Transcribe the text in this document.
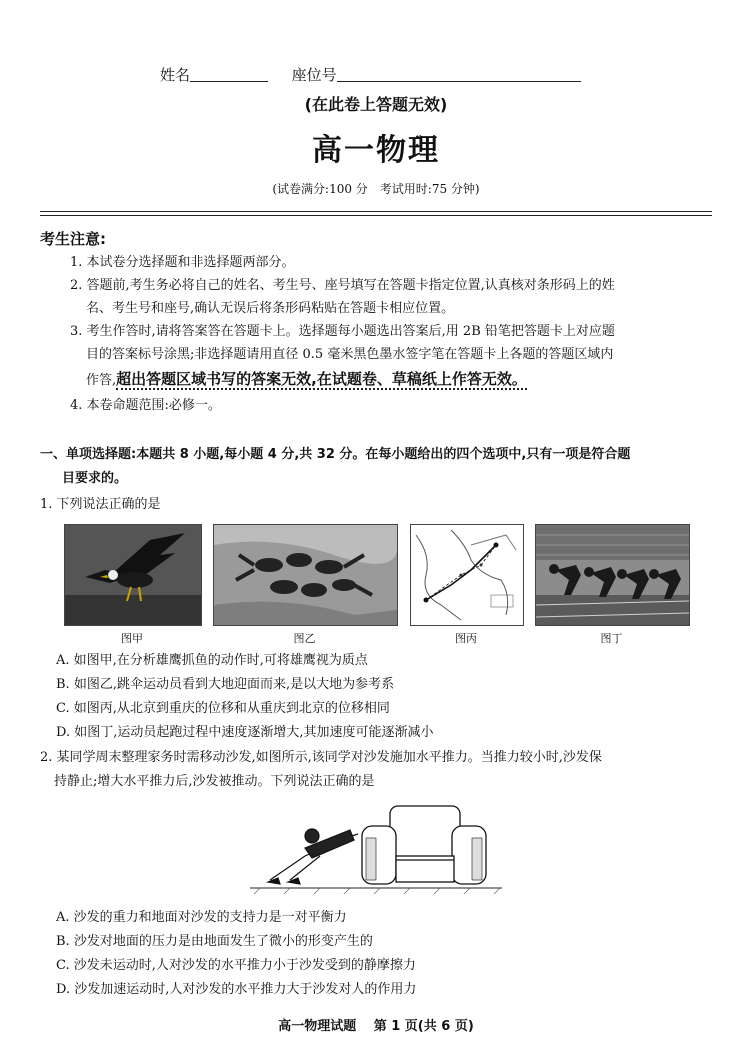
姓名	座位号
(在此卷上答题无效)
高一物理
(试卷满分:100 分　考试用时:75 分钟)
考生注意:
1. 本试卷分选择题和非选择题两部分。
2. 答题前,考生务必将自己的姓名、考生号、座号填写在答题卡指定位置,认真核对条形码上的姓
名、考生号和座号,确认无误后将条形码粘贴在答题卡相应位置。
3. 考生作答时,请将答案答在答题卡上。选择题每小题选出答案后,用 2B 铅笔把答题卡上对应题
目的答案标号涂黑;非选择题请用直径 0.5 毫米黑色墨水签字笔在答题卡上各题的答题区域内
作答,超出答题区域书写的答案无效,在试题卷、草稿纸上作答无效。
4. 本卷命题范围:必修一。
一、单项选择题:本题共 8 小题,每小题 4 分,共 32 分。在每小题给出的四个选项中,只有一项是符合题
目要求的。
1. 下列说法正确的是
图甲	图乙	图丙	图丁
A. 如图甲,在分析雄鹰抓鱼的动作时,可将雄鹰视为质点
B. 如图乙,跳伞运动员看到大地迎面而来,是以大地为参考系
C. 如图丙,从北京到重庆的位移和从重庆到北京的位移相同
D. 如图丁,运动员起跑过程中速度逐渐增大,其加速度可能逐渐减小
2. 某同学周末整理家务时需移动沙发,如图所示,该同学对沙发施加水平推力。当推力较小时,沙发保
持静止;增大水平推力后,沙发被推动。下列说法正确的是
A. 沙发的重力和地面对沙发的支持力是一对平衡力
B. 沙发对地面的压力是由地面发生了微小的形变产生的
C. 沙发未运动时,人对沙发的水平推力小于沙发受到的静摩擦力
D. 沙发加速运动时,人对沙发的水平推力大于沙发对人的作用力
高一物理试题　 第 1 页(共 6 页)
